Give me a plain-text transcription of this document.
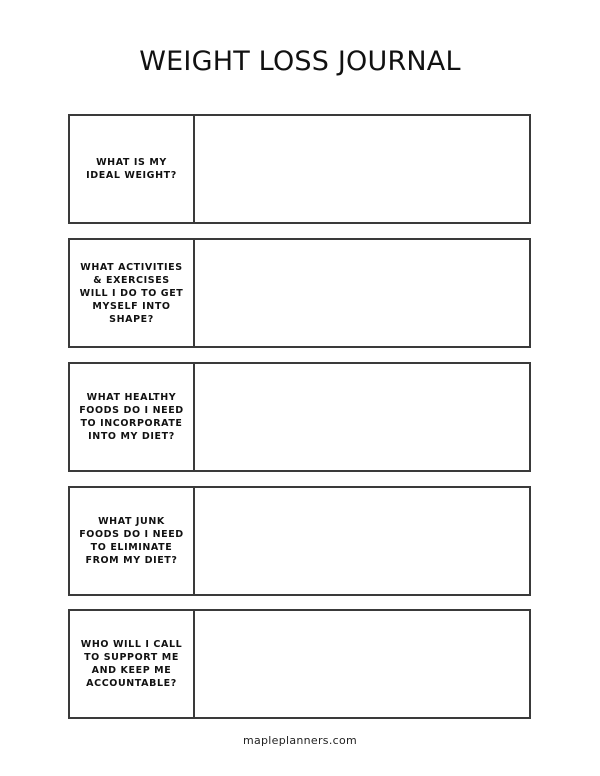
WEIGHT LOSS JOURNAL
WHAT IS MY
IDEAL WEIGHT?
WHAT ACTIVITIES
& EXERCISES
WILL I DO TO GET
MYSELF INTO
SHAPE?
WHAT HEALTHY
FOODS DO I NEED
TO INCORPORATE
INTO MY DIET?
WHAT JUNK
FOODS DO I NEED
TO ELIMINATE
FROM MY DIET?
WHO WILL I CALL
TO SUPPORT ME
AND KEEP ME
ACCOUNTABLE?
mapleplanners.com
